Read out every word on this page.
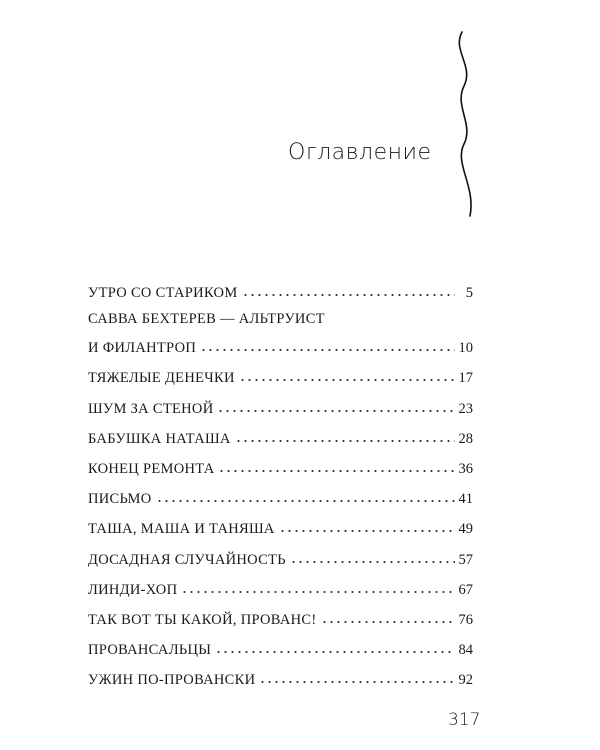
Оглавление
УТРО СО СТАРИКОМ	5
САВВА БЕХТЕРЕВ — АЛЬТРУИСТ
И ФИЛАНТРОП	10
ТЯЖЕЛЫЕ ДЕНЕЧКИ	17
ШУМ ЗА СТЕНОЙ	23
БАБУШКА НАТАША	28
КОНЕЦ РЕМОНТА	36
ПИСЬМО	41
ТАША, МАША И ТАНЯША	49
ДОСАДНАЯ СЛУЧАЙНОСТЬ	57
ЛИНДИ-ХОП	67
ТАК ВОТ ТЫ КАКОЙ, ПРОВАНС!	76
ПРОВАНСАЛЬЦЫ	84
УЖИН ПО-ПРОВАНСКИ	92
317
